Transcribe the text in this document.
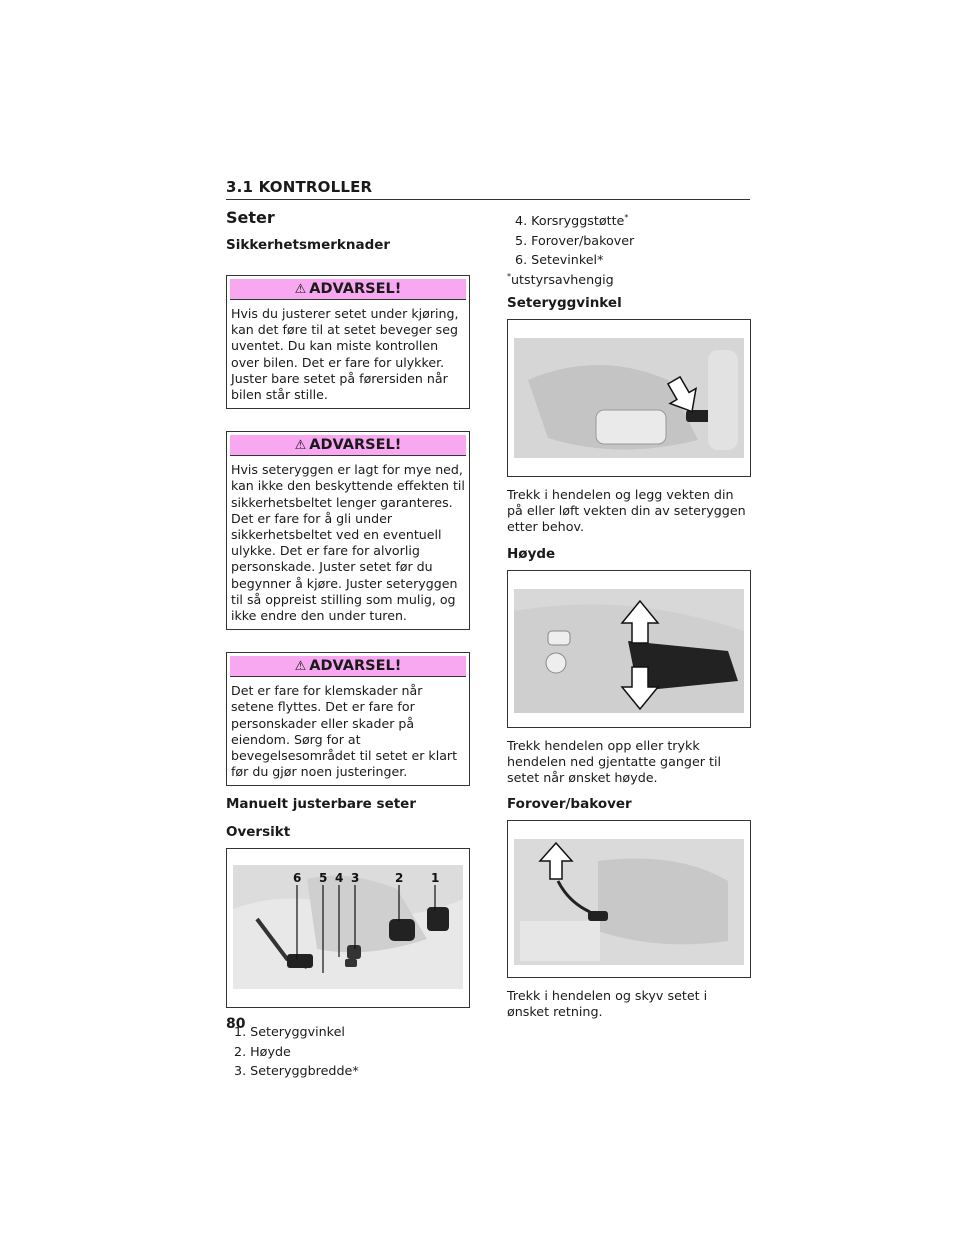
3.1 KONTROLLER
Seter
Sikkerhetsmerknader
⚠ ADVARSEL!
Hvis du justerer setet under kjøring, kan det føre til at setet beveger seg uventet. Du kan miste kontrollen over bilen. Det er fare for ulykker. Juster bare setet på førersiden når bilen står stille.
⚠ ADVARSEL!
Hvis seteryggen er lagt for mye ned, kan ikke den beskyttende effekten til sikkerhetsbeltet lenger garanteres. Det er fare for å gli under sikkerhetsbeltet ved en eventuell ulykke. Det er fare for alvorlig personskade. Juster setet før du begynner å kjøre. Juster seteryggen til så oppreist stilling som mulig, og ikke endre den under turen.
⚠ ADVARSEL!
Det er fare for klemskader når setene flyttes. Det er fare for personskader eller skader på eiendom. Sørg for at bevegelsesområdet til setet er klart før du gjør noen justeringer.
Manuelt justerbare seter
Oversikt
6 5 4 3	2 1
1. Seteryggvinkel
2. Høyde
3. Seteryggbredde*
4. Korsryggstøtte*
5. Forover/bakover
6. Setevinkel*
*utstyrsavhengig
Seteryggvinkel

Trekk i hendelen og legg vekten din på eller løft vekten din av seteryggen etter behov.

Høyde

Trekk hendelen opp eller trykk hendelen ned gjentatte ganger til setet når ønsket høyde.

Forover/bakover

Trekk i hendelen og skyv setet i ønsket retning.

80
